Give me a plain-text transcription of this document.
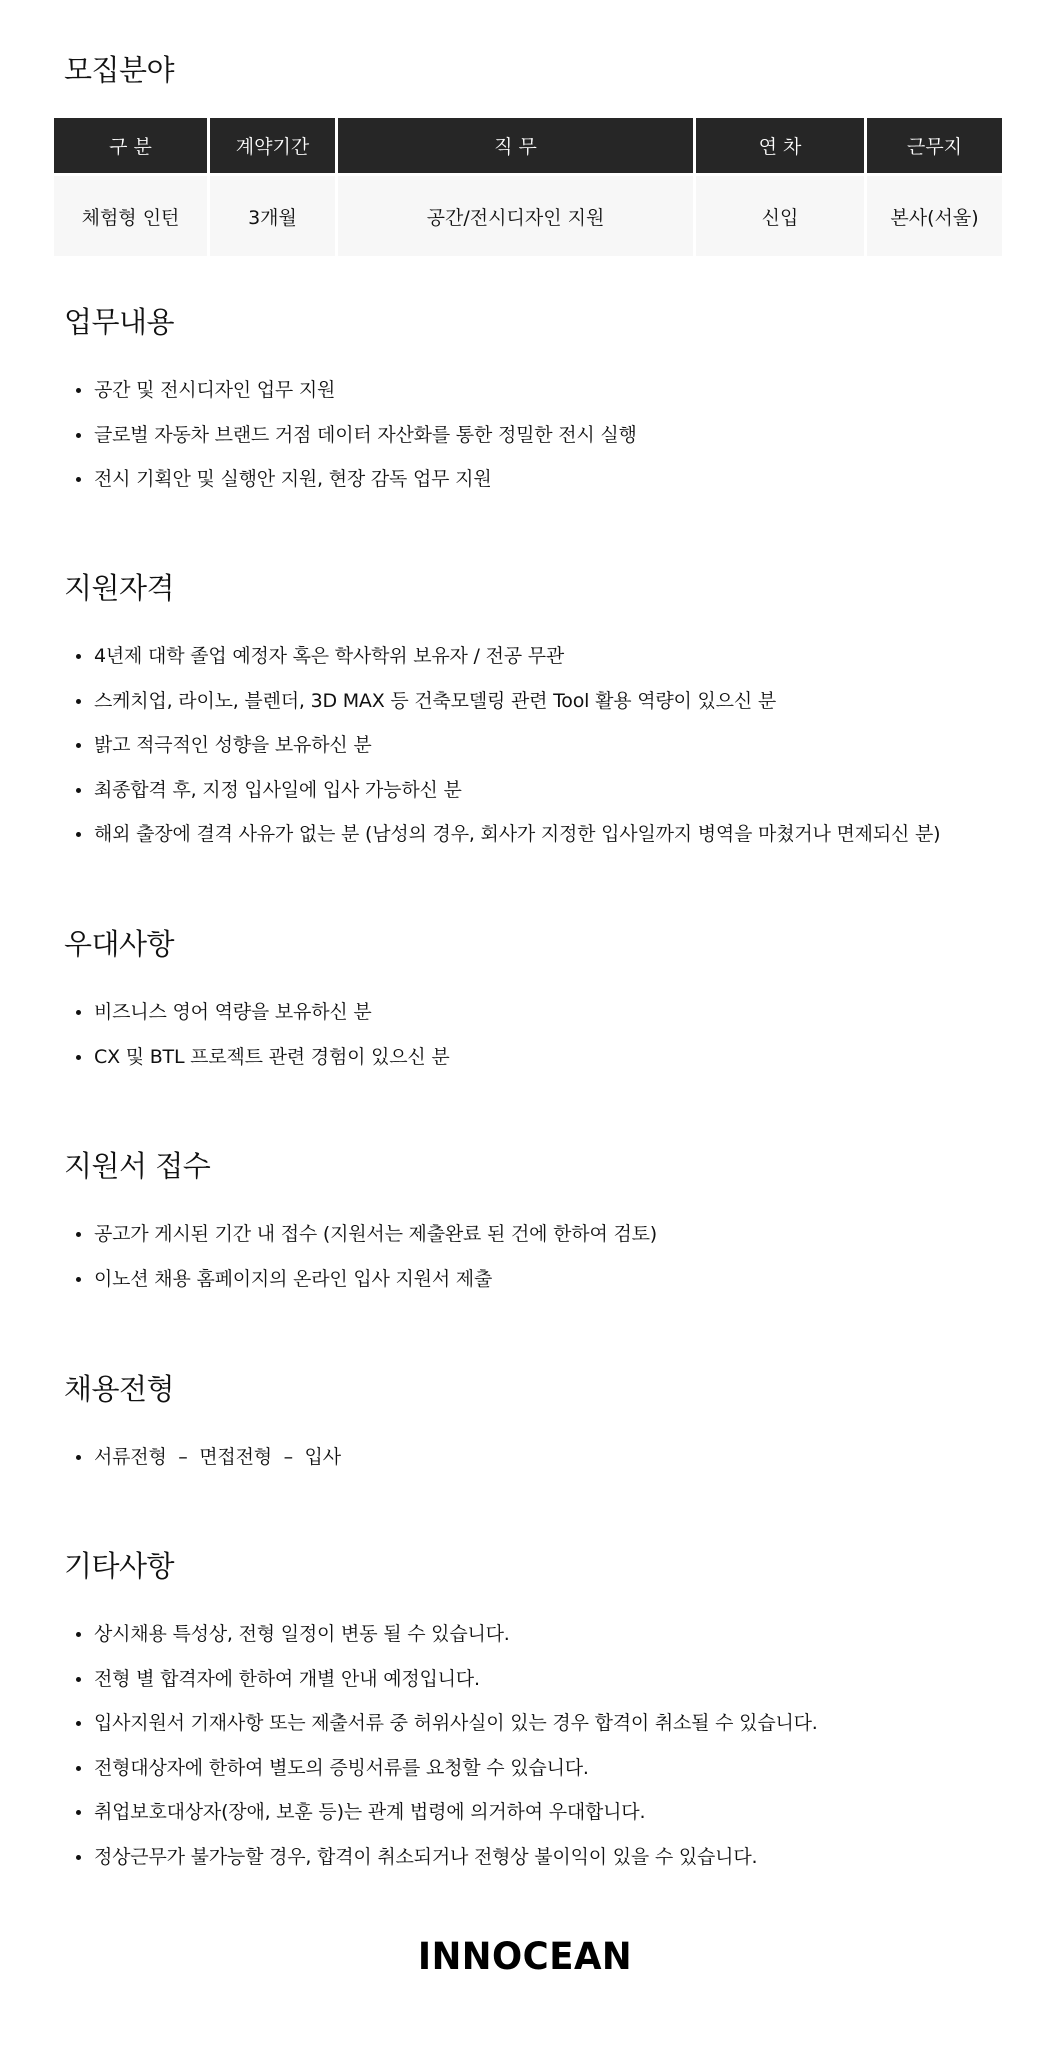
모집분야
구 분	계약기간	직 무	연 차	근무지
체험형 인턴	3개월	공간/전시디자인 지원	신입	본사(서울)
업무내용
공간 및 전시디자인 업무 지원
글로벌 자동차 브랜드 거점 데이터 자산화를 통한 정밀한 전시 실행
전시 기획안 및 실행안 지원, 현장 감독 업무 지원
지원자격
4년제 대학 졸업 예정자 혹은 학사학위 보유자 / 전공 무관
스케치업, 라이노, 블렌더, 3D MAX 등 건축모델링 관련 Tool 활용 역량이 있으신 분
밝고 적극적인 성향을 보유하신 분
최종합격 후, 지정 입사일에 입사 가능하신 분
해외 출장에 결격 사유가 없는 분 (남성의 경우, 회사가 지정한 입사일까지 병역을 마쳤거나 면제되신 분)
우대사항
비즈니스 영어 역량을 보유하신 분
CX 및 BTL 프로젝트 관련 경험이 있으신 분
지원서 접수
공고가 게시된 기간 내 접수 (지원서는 제출완료 된 건에 한하여 검토)
이노션 채용 홈페이지의 온라인 입사 지원서 제출
채용전형
서류전형  –  면접전형  –  입사
기타사항
상시채용 특성상, 전형 일정이 변동 될 수 있습니다.
전형 별 합격자에 한하여 개별 안내 예정입니다.
입사지원서 기재사항 또는 제출서류 중 허위사실이 있는 경우 합격이 취소될 수 있습니다.
전형대상자에 한하여 별도의 증빙서류를 요청할 수 있습니다.
취업보호대상자(장애, 보훈 등)는 관계 법령에 의거하여 우대합니다.
정상근무가 불가능할 경우, 합격이 취소되거나 전형상 불이익이 있을 수 있습니다.
INNOCEAN
